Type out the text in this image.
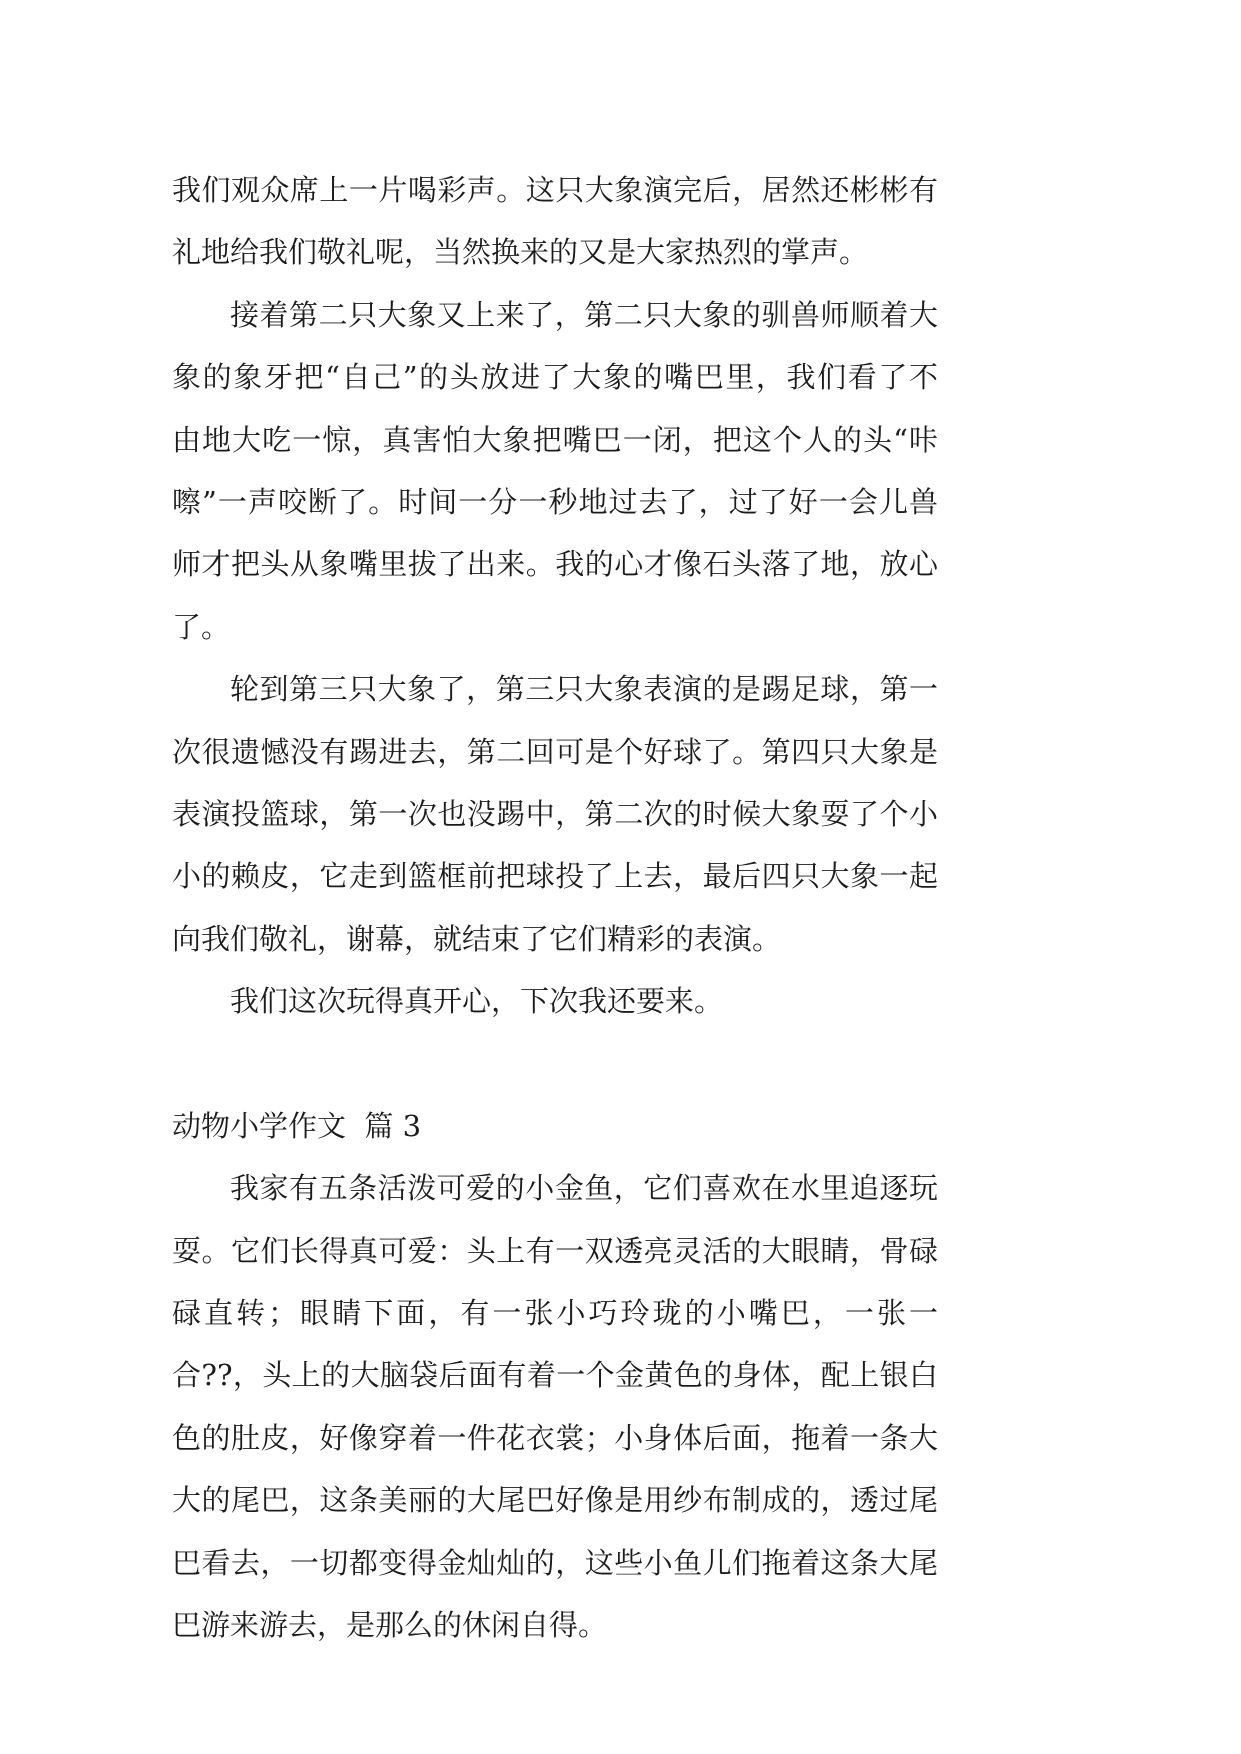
我们观众席上一片喝彩声。这只大象演完后，居然还彬彬有
礼地给我们敬礼呢，当然换来的又是大家热烈的掌声。
接着第二只大象又上来了，第二只大象的驯兽师顺着大
象的象牙把“自己”的头放进了大象的嘴巴里，我们看了不
由地大吃一惊，真害怕大象把嘴巴一闭，把这个人的头“咔
嚓”一声咬断了。时间一分一秒地过去了，过了好一会儿兽
师才把头从象嘴里拔了出来。我的心才像石头落了地，放心
了。
轮到第三只大象了，第三只大象表演的是踢足球，第一
次很遗憾没有踢进去，第二回可是个好球了。第四只大象是
表演投篮球，第一次也没踢中，第二次的时候大象耍了个小
小的赖皮，它走到篮框前把球投了上去，最后四只大象一起
向我们敬礼，谢幕，就结束了它们精彩的表演。
我们这次玩得真开心，下次我还要来。
动物小学作文  篇 3
我家有五条活泼可爱的小金鱼，它们喜欢在水里追逐玩
耍。它们长得真可爱：头上有一双透亮灵活的大眼睛，骨碌
碌直转；眼睛下面，有一张小巧玲珑的小嘴巴，一张一
合??，头上的大脑袋后面有着一个金黄色的身体，配上银白
色的肚皮，好像穿着一件花衣裳；小身体后面，拖着一条大
大的尾巴，这条美丽的大尾巴好像是用纱布制成的，透过尾
巴看去，一切都变得金灿灿的，这些小鱼儿们拖着这条大尾
巴游来游去，是那么的休闲自得。
